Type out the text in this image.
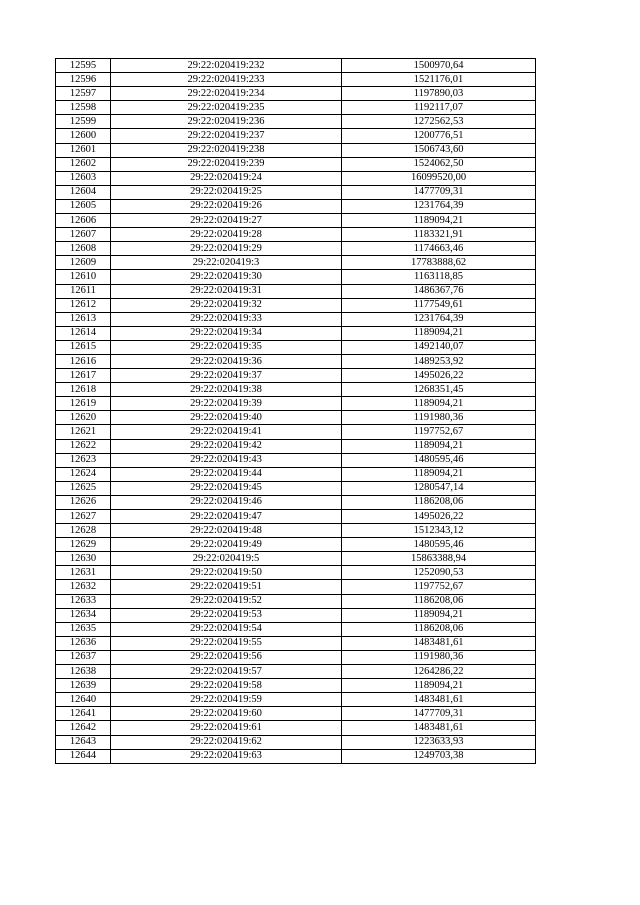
12595	29:22:020419:232	1500970,64
12596	29:22:020419:233	1521176,01
12597	29:22:020419:234	1197890,03
12598	29:22:020419:235	1192117,07
12599	29:22:020419:236	1272562,53
12600	29:22:020419:237	1200776,51
12601	29:22:020419:238	1506743,60
12602	29:22:020419:239	1524062,50
12603	29:22:020419:24	16099520,00
12604	29:22:020419:25	1477709,31
12605	29:22:020419:26	1231764,39
12606	29:22:020419:27	1189094,21
12607	29:22:020419:28	1183321,91
12608	29:22:020419:29	1174663,46
12609	29:22:020419:3	17783888,62
12610	29:22:020419:30	1163118,85
12611	29:22:020419:31	1486367,76
12612	29:22:020419:32	1177549,61
12613	29:22:020419:33	1231764,39
12614	29:22:020419:34	1189094,21
12615	29:22:020419:35	1492140,07
12616	29:22:020419:36	1489253,92
12617	29:22:020419:37	1495026,22
12618	29:22:020419:38	1268351,45
12619	29:22:020419:39	1189094,21
12620	29:22:020419:40	1191980,36
12621	29:22:020419:41	1197752,67
12622	29:22:020419:42	1189094,21
12623	29:22:020419:43	1480595,46
12624	29:22:020419:44	1189094,21
12625	29:22:020419:45	1280547,14
12626	29:22:020419:46	1186208,06
12627	29:22:020419:47	1495026,22
12628	29:22:020419:48	1512343,12
12629	29:22:020419:49	1480595,46
12630	29:22:020419:5	15863388,94
12631	29:22:020419:50	1252090,53
12632	29:22:020419:51	1197752,67
12633	29:22:020419:52	1186208,06
12634	29:22:020419:53	1189094,21
12635	29:22:020419:54	1186208,06
12636	29:22:020419:55	1483481,61
12637	29:22:020419:56	1191980,36
12638	29:22:020419:57	1264286,22
12639	29:22:020419:58	1189094,21
12640	29:22:020419:59	1483481,61
12641	29:22:020419:60	1477709,31
12642	29:22:020419:61	1483481,61
12643	29:22:020419:62	1223633,93
12644	29:22:020419:63	1249703,38
